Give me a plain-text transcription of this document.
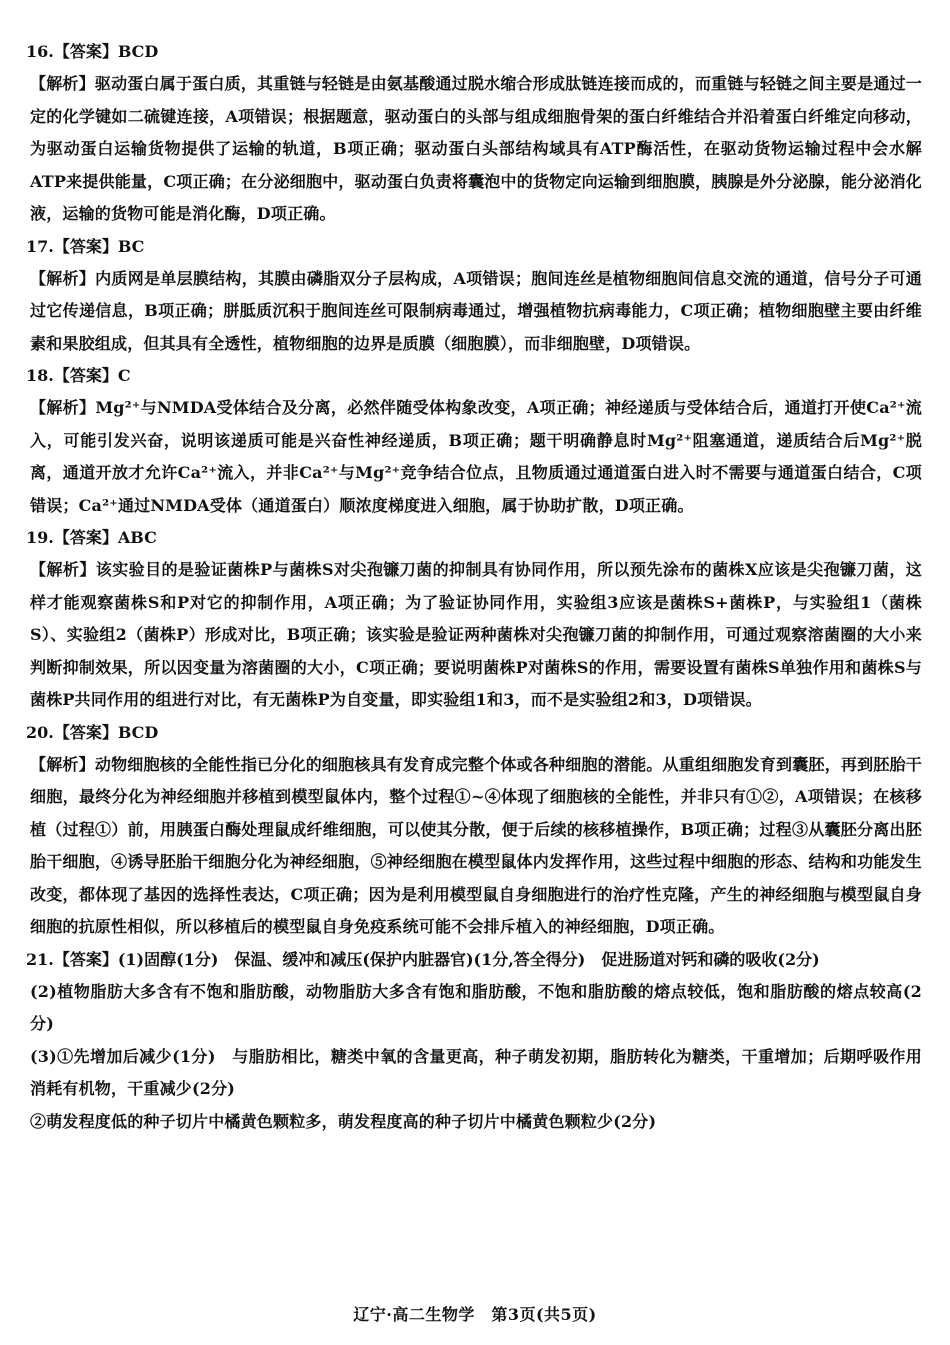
16.【答案】BCD
【解析】驱动蛋白属于蛋白质，其重链与轻链是由氨基酸通过脱水缩合形成肽链连接而成的，而重链与轻链之间主要是通过一定的化学键如二硫键连接，A项错误；根据题意，驱动蛋白的头部与组成细胞骨架的蛋白纤维结合并沿着蛋白纤维定向移动，为驱动蛋白运输货物提供了运输的轨道，B项正确；驱动蛋白头部结构域具有ATP酶活性，在驱动货物运输过程中会水解ATP来提供能量，C项正确；在分泌细胞中，驱动蛋白负责将囊泡中的货物定向运输到细胞膜，胰腺是外分泌腺，能分泌消化液，运输的货物可能是消化酶，D项正确。
17.【答案】BC
【解析】内质网是单层膜结构，其膜由磷脂双分子层构成，A项错误；胞间连丝是植物细胞间信息交流的通道，信号分子可通过它传递信息，B项正确；胼胝质沉积于胞间连丝可限制病毒通过，增强植物抗病毒能力，C项正确；植物细胞壁主要由纤维素和果胶组成，但其具有全透性，植物细胞的边界是质膜（细胞膜），而非细胞壁，D项错误。
18.【答案】C
【解析】Mg²⁺与NMDA受体结合及分离，必然伴随受体构象改变，A项正确；神经递质与受体结合后，通道打开使Ca²⁺流入，可能引发兴奋，说明该递质可能是兴奋性神经递质，B项正确；题干明确静息时Mg²⁺阻塞通道，递质结合后Mg²⁺脱离，通道开放才允许Ca²⁺流入，并非Ca²⁺与Mg²⁺竞争结合位点，且物质通过通道蛋白进入时不需要与通道蛋白结合，C项错误；Ca²⁺通过NMDA受体（通道蛋白）顺浓度梯度进入细胞，属于协助扩散，D项正确。
19.【答案】ABC
【解析】该实验目的是验证菌株P与菌株S对尖孢镰刀菌的抑制具有协同作用，所以预先涂布的菌株X应该是尖孢镰刀菌，这样才能观察菌株S和P对它的抑制作用，A项正确；为了验证协同作用，实验组3应该是菌株S+菌株P，与实验组1（菌株S）、实验组2（菌株P）形成对比，B项正确；该实验是验证两种菌株对尖孢镰刀菌的抑制作用，可通过观察溶菌圈的大小来判断抑制效果，所以因变量为溶菌圈的大小，C项正确；要说明菌株P对菌株S的作用，需要设置有菌株S单独作用和菌株S与菌株P共同作用的组进行对比，有无菌株P为自变量，即实验组1和3，而不是实验组2和3，D项错误。
20.【答案】BCD
【解析】动物细胞核的全能性指已分化的细胞核具有发育成完整个体或各种细胞的潜能。从重组细胞发育到囊胚，再到胚胎干细胞，最终分化为神经细胞并移植到模型鼠体内，整个过程①~④体现了细胞核的全能性，并非只有①②，A项错误；在核移植（过程①）前，用胰蛋白酶处理鼠成纤维细胞，可以使其分散，便于后续的核移植操作，B项正确；过程③从囊胚分离出胚胎干细胞，④诱导胚胎干细胞分化为神经细胞，⑤神经细胞在模型鼠体内发挥作用，这些过程中细胞的形态、结构和功能发生改变，都体现了基因的选择性表达，C项正确；因为是利用模型鼠自身细胞进行的治疗性克隆，产生的神经细胞与模型鼠自身细胞的抗原性相似，所以移植后的模型鼠自身免疫系统可能不会排斥植入的神经细胞，D项正确。
21.【答案】(1)固醇(1分)　保温、缓冲和减压(保护内脏器官)(1分,答全得分)　促进肠道对钙和磷的吸收(2分)
(2)植物脂肪大多含有不饱和脂肪酸，动物脂肪大多含有饱和脂肪酸，不饱和脂肪酸的熔点较低，饱和脂肪酸的熔点较高(2分)
(3)①先增加后减少(1分)　与脂肪相比，糖类中氧的含量更高，种子萌发初期，脂肪转化为糖类，干重增加；后期呼吸作用消耗有机物，干重减少(2分)
②萌发程度低的种子切片中橘黄色颗粒多，萌发程度高的种子切片中橘黄色颗粒少(2分)
辽宁·高二生物学　第3页(共5页)
